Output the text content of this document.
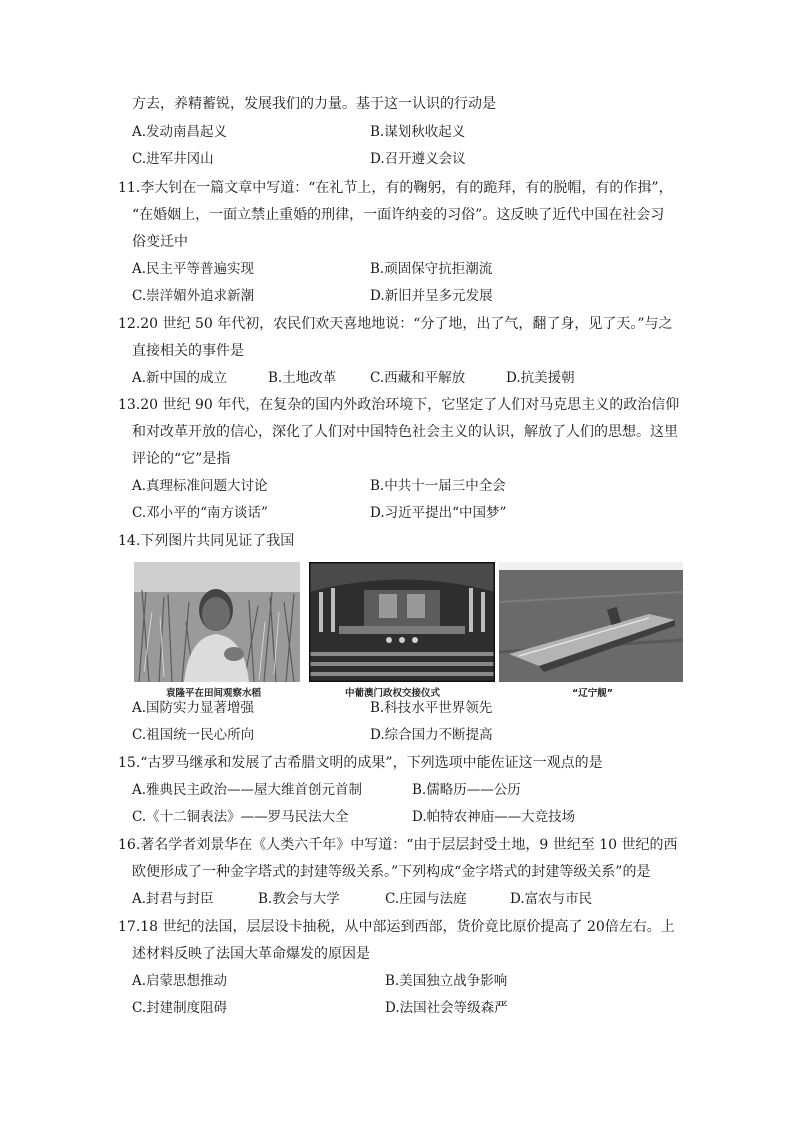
方去，养精蓄锐，发展我们的力量。基于这一认识的行动是
A.发动南昌起义	B.谋划秋收起义
C.进军井冈山	D.召开遵义会议
11.李大钊在一篇文章中写道：“在礼节上，有的鞠躬，有的跪拜，有的脱帽，有的作揖”，
“在婚姻上，一面立禁止重婚的刑律，一面许纳妾的习俗”。这反映了近代中国在社会习
俗变迁中
A.民主平等普遍实现	B.顽固保守抗拒潮流
C.崇洋媚外追求新潮	D.新旧并呈多元发展
12.20 世纪 50 年代初，农民们欢天喜地地说：“分了地，出了气，翻了身，见了天。”与之
直接相关的事件是
A.新中国的成立	B.土地改革	C.西藏和平解放	D.抗美援朝
13.20 世纪 90 年代，在复杂的国内外政治环境下，它坚定了人们对马克思主义的政治信仰
和对改革开放的信心，深化了人们对中国特色社会主义的认识，解放了人们的思想。这里
评论的“它”是指
A.真理标准问题大讨论	B.中共十一届三中全会
C.邓小平的“南方谈话”	D.习近平提出“中国梦”
14.下列图片共同见证了我国
袁隆平在田间观察水稻	中葡澳门政权交接仪式	“辽宁舰”
A.国防实力显著增强	B.科技水平世界领先
C.祖国统一民心所向	D.综合国力不断提高
15.“古罗马继承和发展了古希腊文明的成果”，下列选项中能佐证这一观点的是
A.雅典民主政治——屋大维首创元首制	B.儒略历——公历
C.《十二铜表法》——罗马民法大全	D.帕特农神庙——大竞技场
16.著名学者刘景华在《人类六千年》中写道：“由于层层封受土地，9 世纪至 10 世纪的西
欧便形成了一种金字塔式的封建等级关系。”下列构成“金字塔式的封建等级关系”的是
A.封君与封臣	B.教会与大学	C.庄园与法庭	D.富农与市民
17.18 世纪的法国，层层设卡抽税，从中部运到西部，货价竟比原价提高了 20倍左右。上
述材料反映了法国大革命爆发的原因是
A.启蒙思想推动	B.美国独立战争影响
C.封建制度阻碍	D.法国社会等级森严
